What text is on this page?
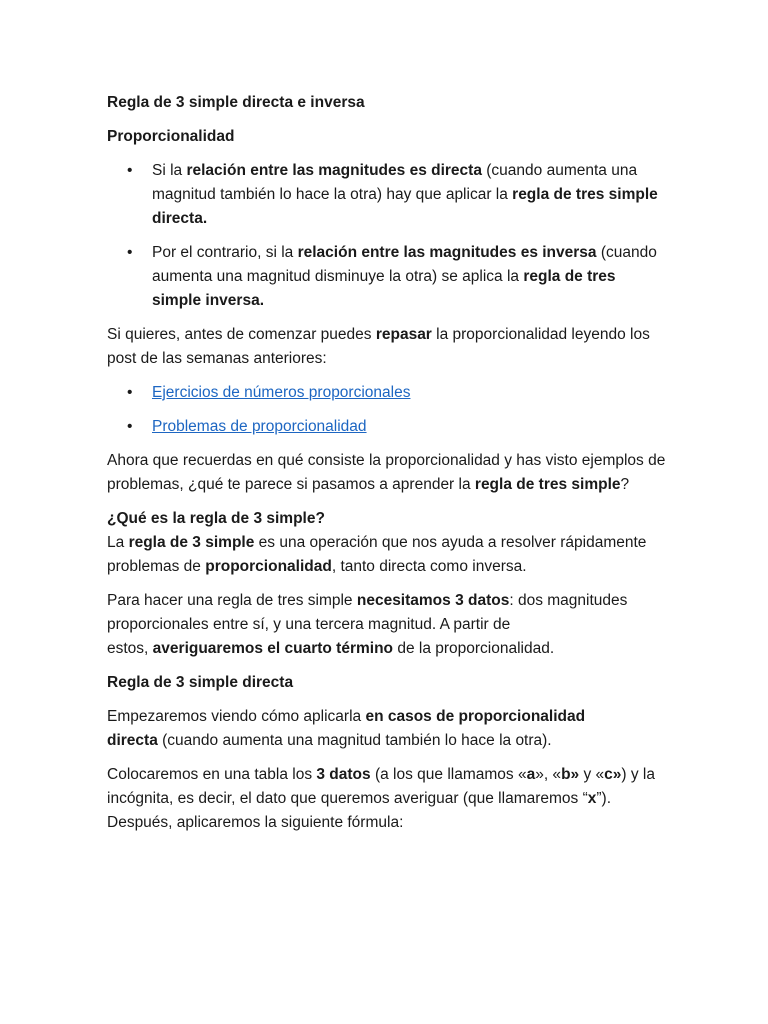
Regla de 3 simple directa e inversa
Proporcionalidad
• Si la relación entre las magnitudes es directa (cuando aumenta una magnitud también lo hace la otra) hay que aplicar la regla de tres simple directa.
• Por el contrario, si la relación entre las magnitudes es inversa (cuando aumenta una magnitud disminuye la otra) se aplica la regla de tres simple inversa.
Si quieres, antes de comenzar puedes repasar la proporcionalidad leyendo los post de las semanas anteriores:
• Ejercicios de números proporcionales
• Problemas de proporcionalidad
Ahora que recuerdas en qué consiste la proporcionalidad y has visto ejemplos de problemas, ¿qué te parece si pasamos a aprender la regla de tres simple?
¿Qué es la regla de 3 simple?
La regla de 3 simple es una operación que nos ayuda a resolver rápidamente problemas de proporcionalidad, tanto directa como inversa.
Para hacer una regla de tres simple necesitamos 3 datos: dos magnitudes proporcionales entre sí, y una tercera magnitud. A partir de
estos, averiguaremos el cuarto término de la proporcionalidad.
Regla de 3 simple directa
Empezaremos viendo cómo aplicarla en casos de proporcionalidad
directa (cuando aumenta una magnitud también lo hace la otra).
Colocaremos en una tabla los 3 datos (a los que llamamos «a», «b» y «c») y la incógnita, es decir, el dato que queremos averiguar (que llamaremos “x”). Después, aplicaremos la siguiente fórmula:
